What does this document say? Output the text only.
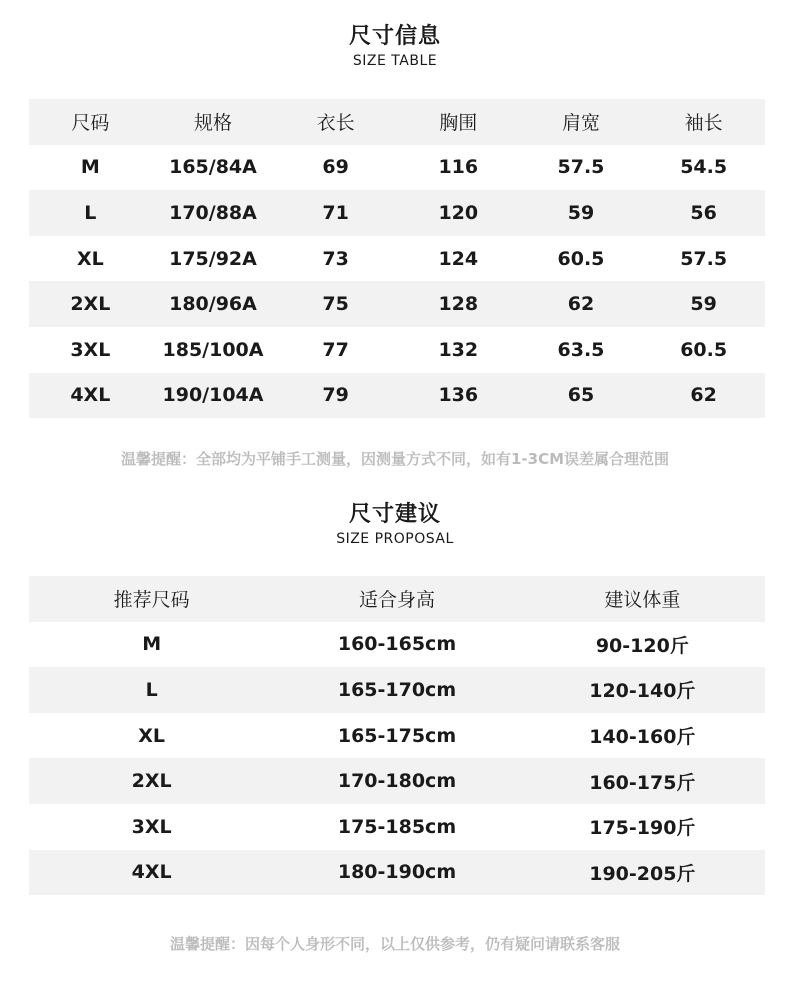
尺寸信息
SIZE TABLE
尺码	规格	衣长	胸围	肩宽	袖长
M	165/84A	69	116	57.5	54.5
L	170/88A	71	120	59	56
XL	175/92A	73	124	60.5	57.5
2XL	180/96A	75	128	62	59
3XL	185/100A	77	132	63.5	60.5
4XL	190/104A	79	136	65	62
温馨提醒：全部均为平铺手工测量，因测量方式不同，如有1-3CM误差属合理范围
尺寸建议
SIZE PROPOSAL
推荐尺码	适合身高	建议体重
M	160-165cm	90-120斤
L	165-170cm	120-140斤
XL	165-175cm	140-160斤
2XL	170-180cm	160-175斤
3XL	175-185cm	175-190斤
4XL	180-190cm	190-205斤
温馨提醒：因每个人身形不同，以上仅供参考，仍有疑问请联系客服
